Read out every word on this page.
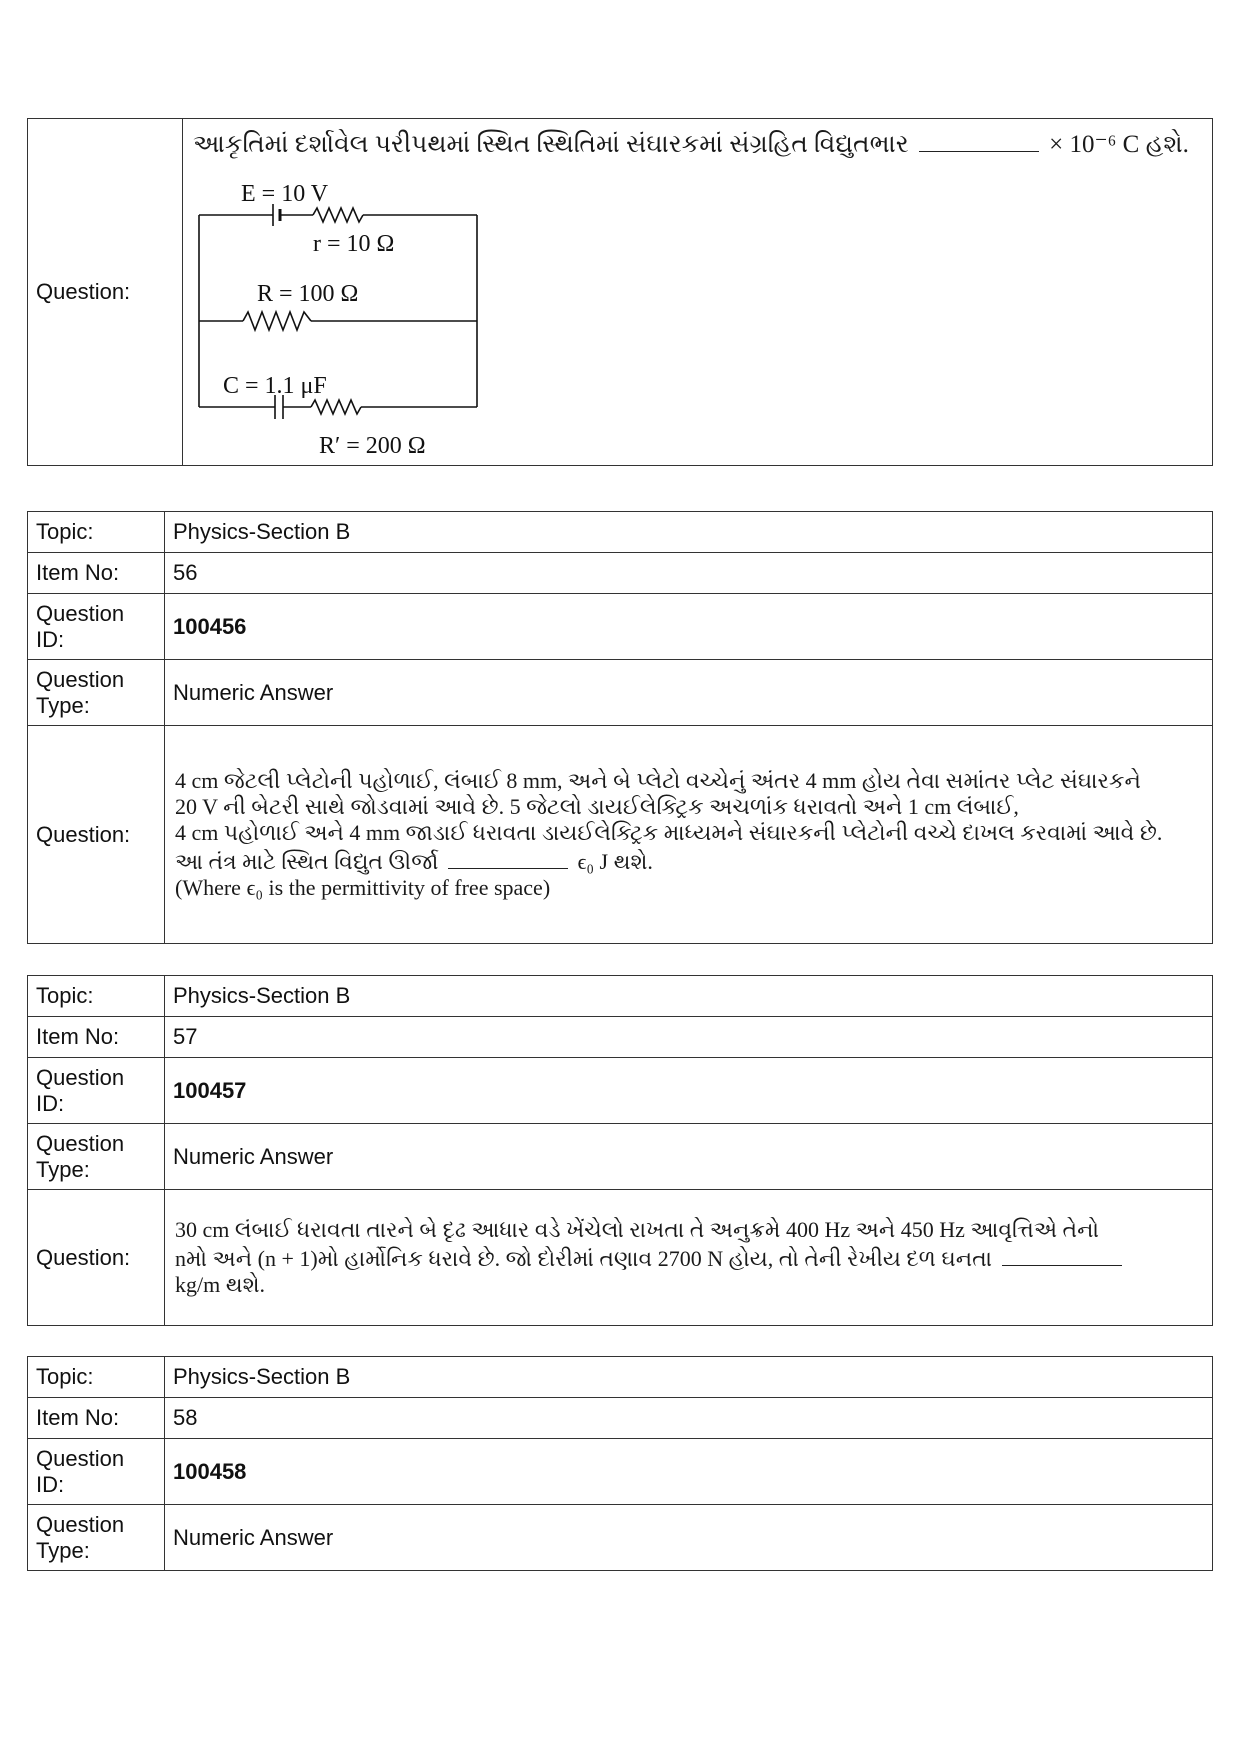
Question:	
આકૃતિમાં દર્શાવેલ પરીપથમાં સ્થિત સ્થિતિમાં સંઘારકમાં સંગ્રહિત વિદ્યુતભાર	× 10⁻⁶ C હશે.
E = 10 V
r = 10 Ω
R = 100 Ω
C = 1.1 μF
R′ = 200 Ω
Topic:	Physics-Section B
Item No:	56
Question ID:	100456
Question Type:	Numeric Answer
Question:	4 cm જેટલી પ્લેટોની પહોળાઈ, લંબાઈ 8 mm, અને બે પ્લેટો વચ્ચેનું અંતર 4 mm હોય તેવા સમાંતર પ્લેટ સંઘારકને
20 V ની બેટરી સાથે જોડવામાં આવે છે. 5 જેટલો ડાયઈલેક્ટ્રિક અચળાંક ધરાવતો અને 1 cm લંબાઈ,
4 cm પહોળાઈ અને 4 mm જાડાઈ ધરાવતા ડાયઈલેક્ટ્રિક માધ્યમને સંઘારકની પ્લેટોની વચ્ચે દાખલ કરવામાં આવે છે.
આ તંત્ર માટે સ્થિત વિદ્યુત ઊર્જા ϵ₀ J થશે.
(Where ϵ₀ is the permittivity of free space)
Topic:	Physics-Section B
Item No:	57
Question ID:	100457
Question Type:	Numeric Answer
Question:	30 cm લંબાઈ ધરાવતા તારને બે દૃઢ આધાર વડે ખેંચેલો રાખતા તે અનુક્રમે 400 Hz અને 450 Hz આવૃત્તિએ તેનો
nમો અને (n + 1)મો હાર્મોનિક ધરાવે છે. જો દોરીમાં તણાવ 2700 N હોય, તો તેની રેખીય દળ ઘનતા
kg/m થશે.
Topic:	Physics-Section B
Item No:	58
Question ID:	100458
Question Type:	Numeric Answer
